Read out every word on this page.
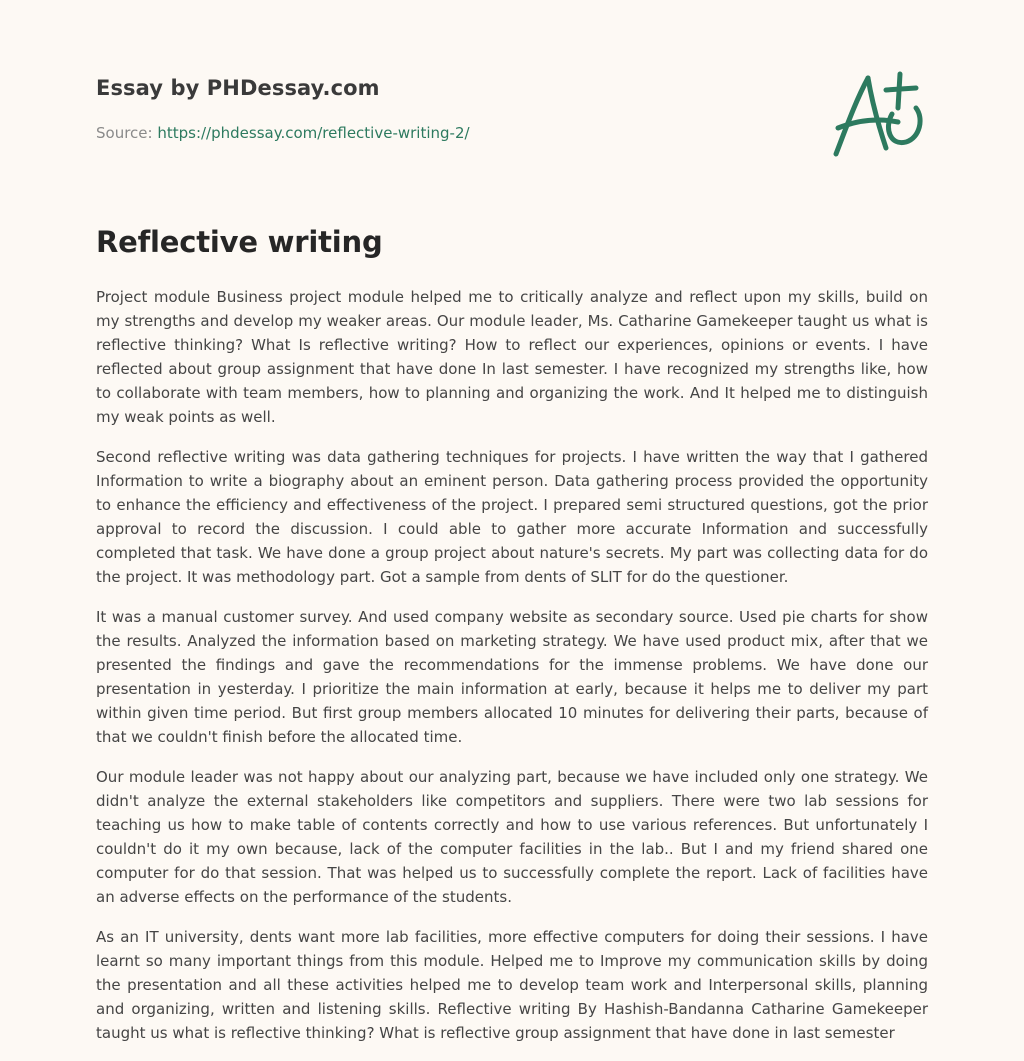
Essay by PHDessay.com
Source: https://phdessay.com/reflective-writing-2/
Reflective writing

Project module Business project module helped me to critically analyze and reflect upon my skills, build on my strengths and develop my weaker areas. Our module leader, Ms. Catharine Gamekeeper taught us what is reflective thinking? What Is reflective writing? How to reflect our experiences, opinions or events. I have reflected about group assignment that have done In last semester. I have recognized my strengths like, how to collaborate with team members, how to planning and organizing the work. And It helped me to distinguish my weak points as well.

Second reflective writing was data gathering techniques for projects. I have written the way that I gathered Information to write a biography about an eminent person. Data gathering process provided the opportunity to enhance the efficiency and effectiveness of the project. I prepared semi structured questions, got the prior approval to record the discussion. I could able to gather more accurate Information and successfully completed that task. We have done a group project about nature's secrets. My part was collecting data for do the project. It was methodology part. Got a sample from dents of SLIT for do the questioner.

It was a manual customer survey. And used company website as secondary source. Used pie charts for show the results. Analyzed the information based on marketing strategy. We have used product mix, after that we presented the findings and gave the recommendations for the immense problems. We have done our presentation in yesterday. I prioritize the main information at early, because it helps me to deliver my part within given time period. But first group members allocated 10 minutes for delivering their parts, because of that we couldn't finish before the allocated time.

Our module leader was not happy about our analyzing part, because we have included only one strategy. We didn't analyze the external stakeholders like competitors and suppliers. There were two lab sessions for teaching us how to make table of contents correctly and how to use various references. But unfortunately I couldn't do it my own because, lack of the computer facilities in the lab.. But I and my friend shared one computer for do that session. That was helped us to successfully complete the report. Lack of facilities have an adverse effects on the performance of the students.

As an IT university, dents want more lab facilities, more effective computers for doing their sessions. I have learnt so many important things from this module. Helped me to Improve my communication skills by doing the presentation and all these activities helped me to develop team work and Interpersonal skills, planning and organizing, written and listening skills. Reflective writing By Hashish-Bandanna Catharine Gamekeeper taught us what is reflective thinking? What is reflective group assignment that have done in last semester
